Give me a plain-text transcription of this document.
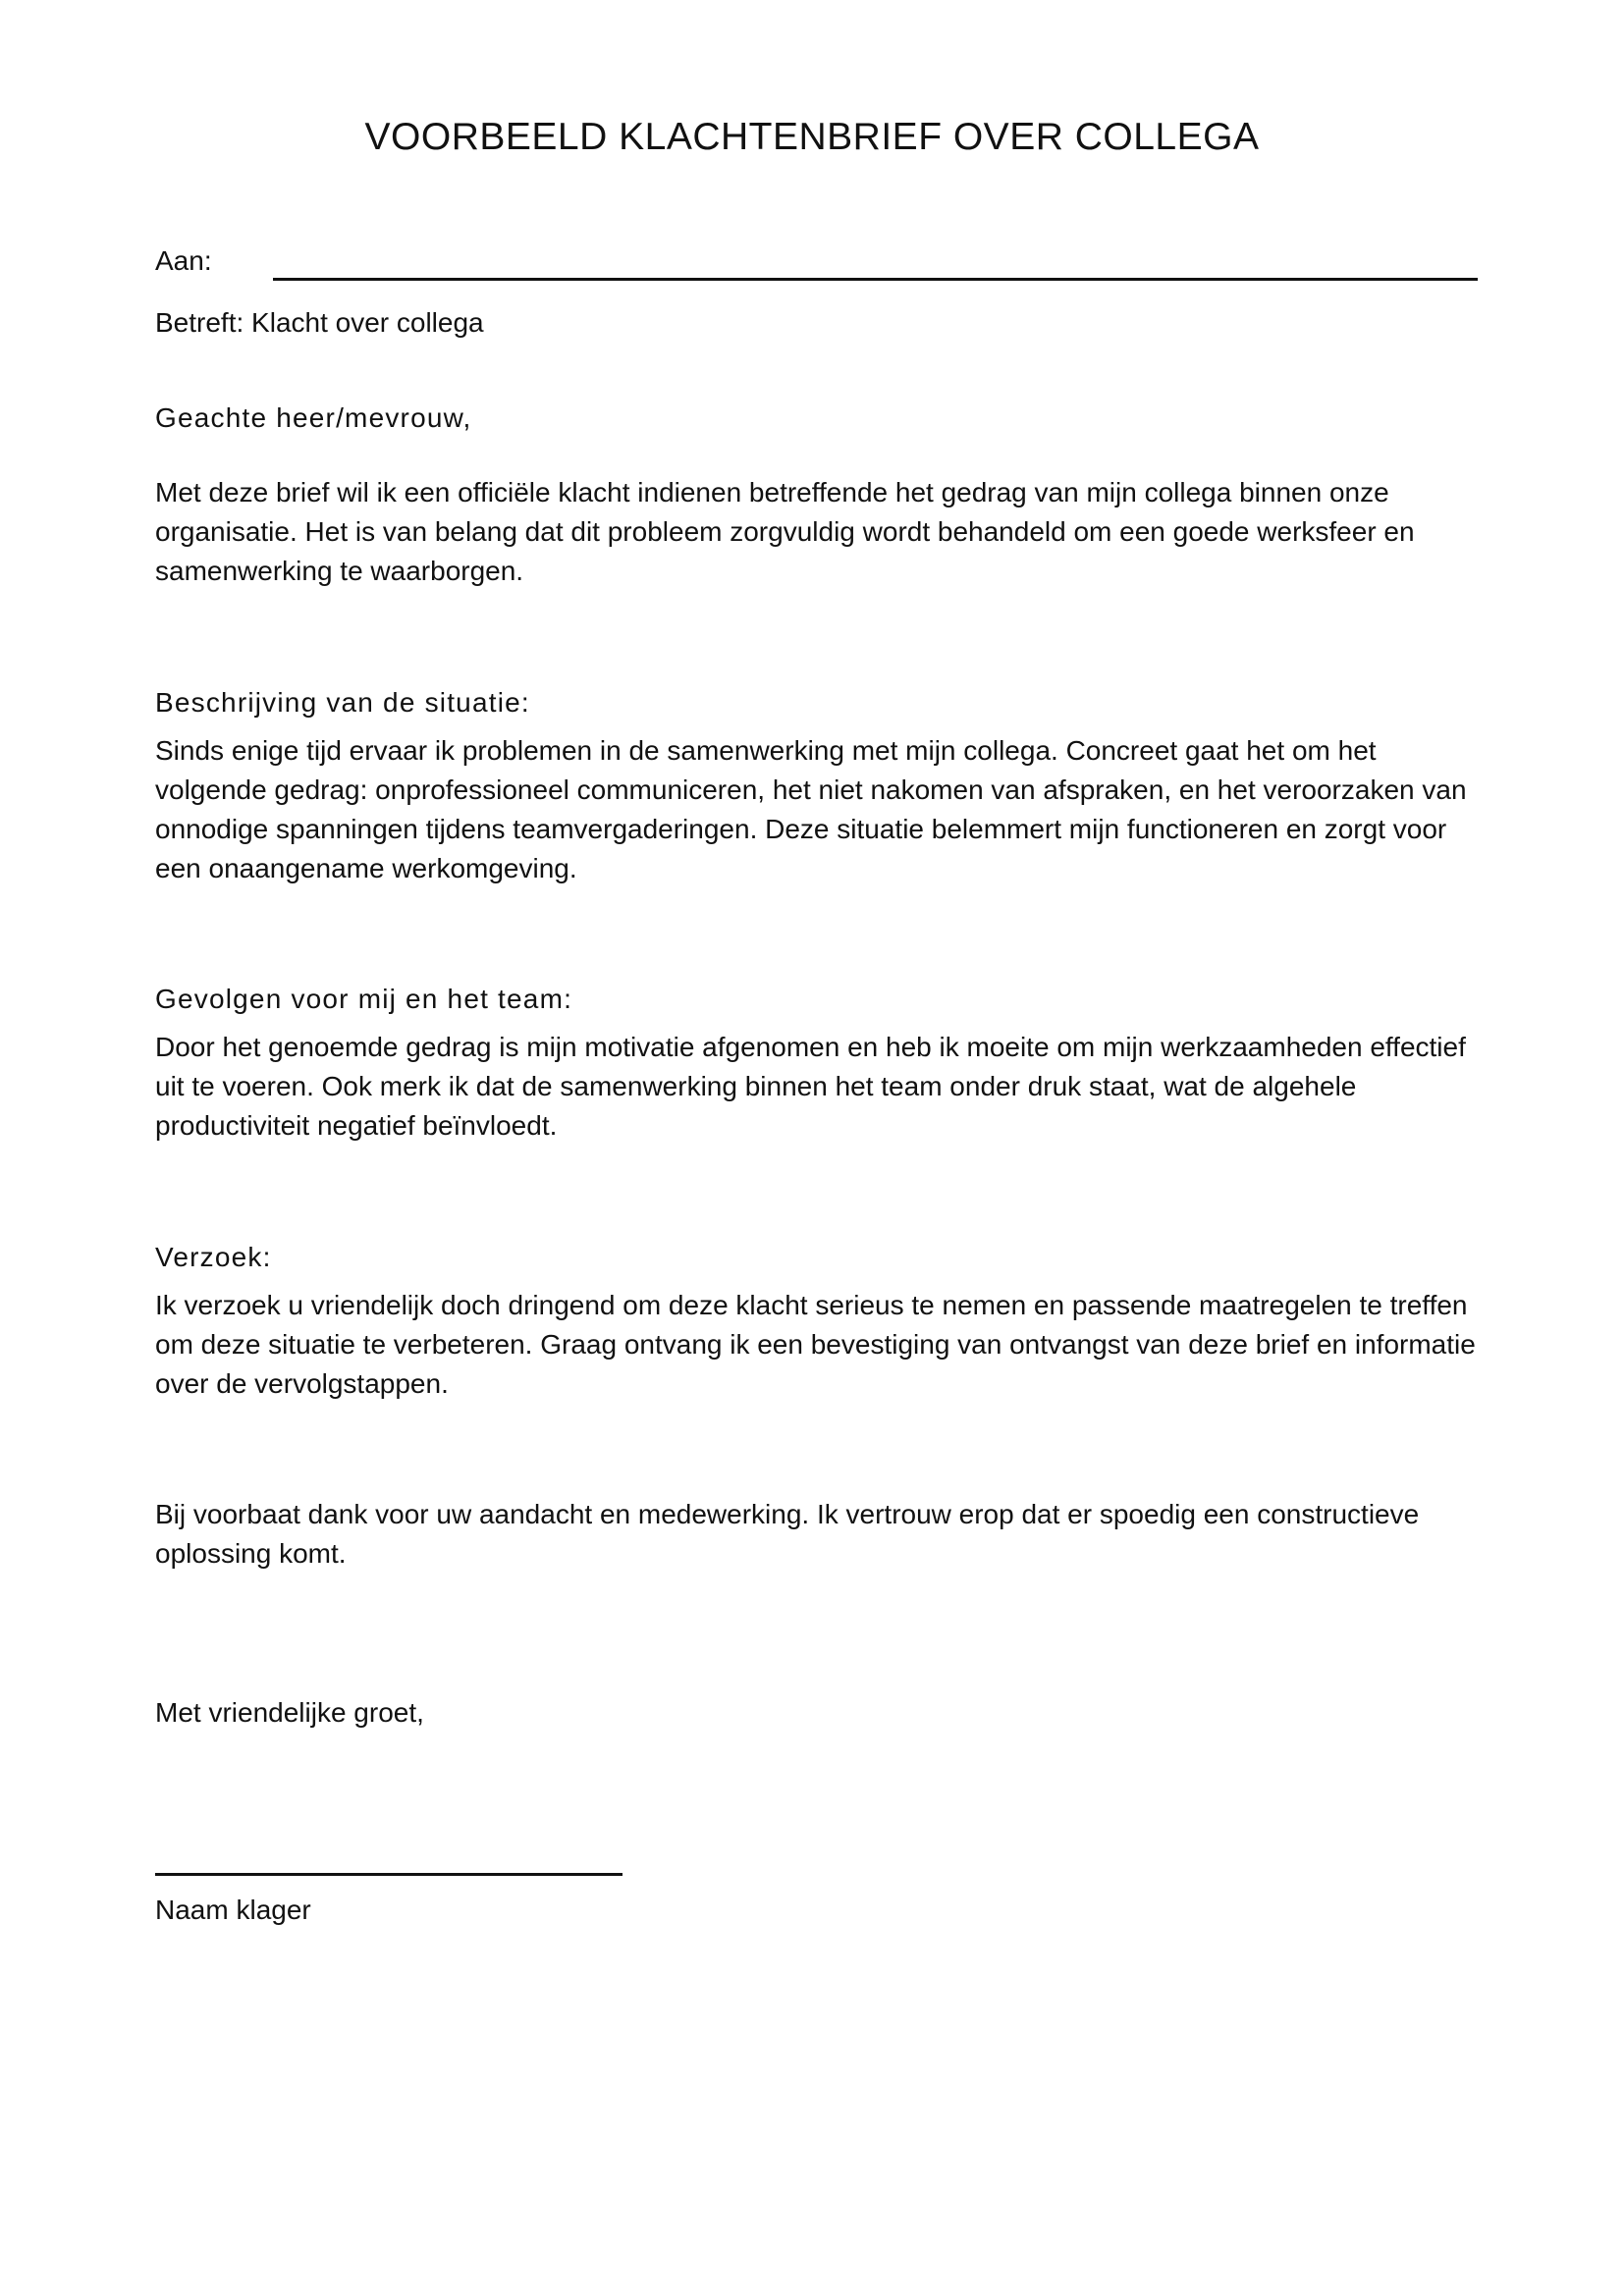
VOORBEELD KLACHTENBRIEF OVER COLLEGA
Aan:
Betreft: Klacht over collega
Geachte heer/mevrouw,

Met deze brief wil ik een officiële klacht indienen betreffende het gedrag van mijn collega binnen onze organisatie. Het is van belang dat dit probleem zorgvuldig wordt behandeld om een goede werksfeer en samenwerking te waarborgen.

Beschrijving van de situatie:

Sinds enige tijd ervaar ik problemen in de samenwerking met mijn collega. Concreet gaat het om het volgende gedrag: onprofessioneel communiceren, het niet nakomen van afspraken, en het veroorzaken van onnodige spanningen tijdens teamvergaderingen. Deze situatie belemmert mijn functioneren en zorgt voor een onaangename werkomgeving.

Gevolgen voor mij en het team:

Door het genoemde gedrag is mijn motivatie afgenomen en heb ik moeite om mijn werkzaamheden effectief uit te voeren. Ook merk ik dat de samenwerking binnen het team onder druk staat, wat de algehele productiviteit negatief beïnvloedt.

Verzoek:

Ik verzoek u vriendelijk doch dringend om deze klacht serieus te nemen en passende maatregelen te treffen om deze situatie te verbeteren. Graag ontvang ik een bevestiging van ontvangst van deze brief en informatie over de vervolgstappen.

Bij voorbaat dank voor uw aandacht en medewerking. Ik vertrouw erop dat er spoedig een constructieve oplossing komt.

Met vriendelijke groet,
Naam klager
